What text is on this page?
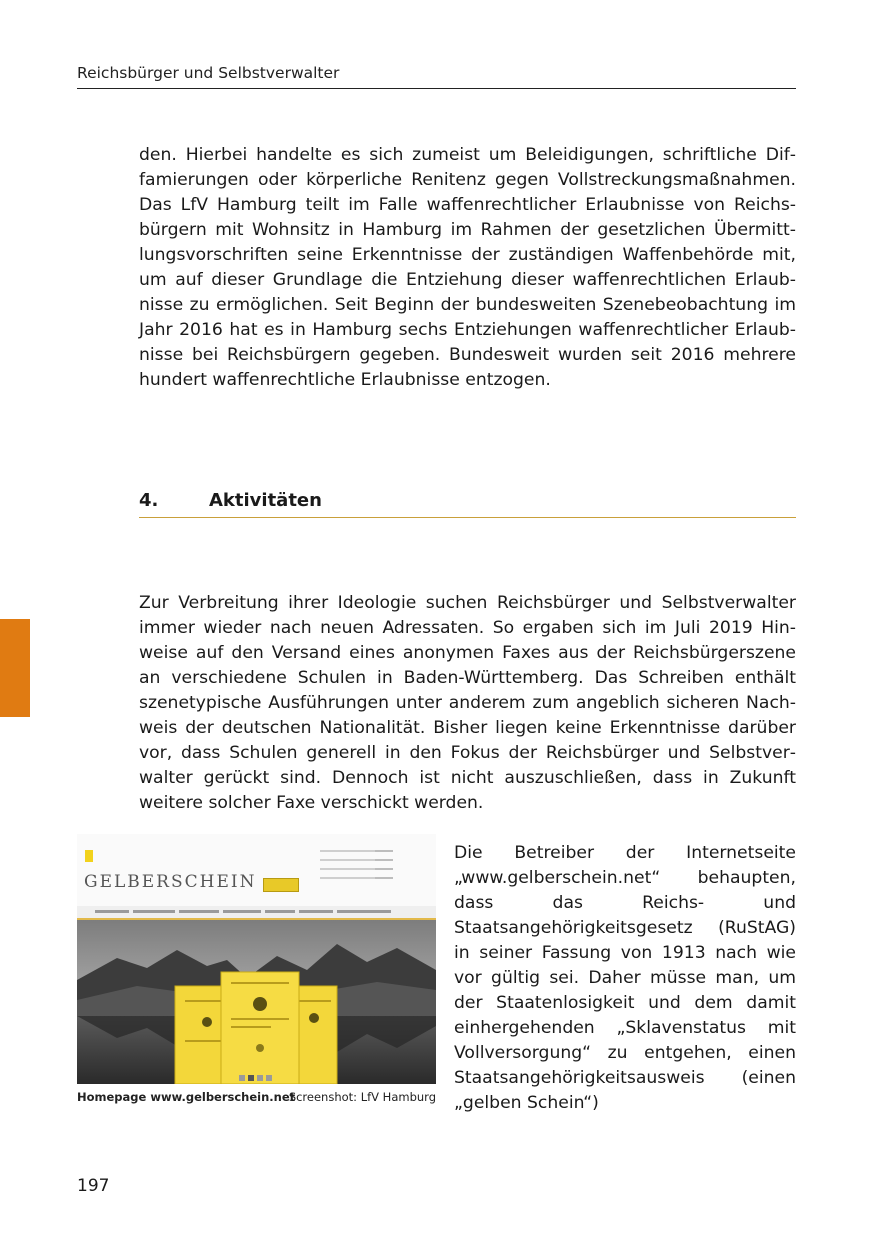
Reichsbürger und Selbstverwalter

den. Hierbei handelte es sich zumeist um Beleidigungen, schriftliche Diffamierungen oder körperliche Renitenz gegen Vollstreckungsmaßnahmen. Das LfV Hamburg teilt im Falle waffenrechtlicher Erlaubnisse von Reichsbürgern mit Wohnsitz in Hamburg im Rahmen der gesetzlichen Übermittlungsvorschriften seine Erkenntnisse der zuständigen Waffenbehörde mit, um auf dieser Grundlage die Entziehung dieser waffenrechtlichen Erlaubnisse zu ermöglichen. Seit Beginn der bundesweiten Szenebeobachtung im Jahr 2016 hat es in Hamburg sechs Entziehungen waffenrechtlicher Erlaubnisse bei Reichsbürgern gegeben. Bundesweit wurden seit 2016 mehrere hundert waffenrechtliche Erlaubnisse entzogen.

4.	Aktivitäten

Zur Verbreitung ihrer Ideologie suchen Reichsbürger und Selbstverwalter immer wieder nach neuen Adressaten. So ergaben sich im Juli 2019 Hinweise auf den Versand eines anonymen Faxes aus der Reichsbürgerszene an verschiedene Schulen in Baden-Württemberg. Das Schreiben enthält szenetypische Ausführungen unter anderem zum angeblich sicheren Nachweis der deutschen Nationalität. Bisher liegen keine Erkenntnisse darüber vor, dass Schulen generell in den Fokus der Reichsbürger und Selbstverwalter gerückt sind. Dennoch ist nicht auszuschließen, dass in Zukunft weitere solcher Faxe verschickt werden.

GELBERSCHEIN
Homepage www.gelberschein.net
Screenshot: LfV Hamburg

Die Betreiber der Internetseite „www.gelberschein.net“ behaupten, dass das Reichs- und Staatsangehörigkeitsgesetz (RuStAG) in seiner Fassung von 1913 nach wie vor gültig sei. Daher müsse man, um der Staatenlosigkeit und dem damit einhergehenden „Sklavenstatus mit Vollversorgung“ zu entgehen, einen Staatsangehörigkeitsausweis (einen „gelben Schein“)

197
